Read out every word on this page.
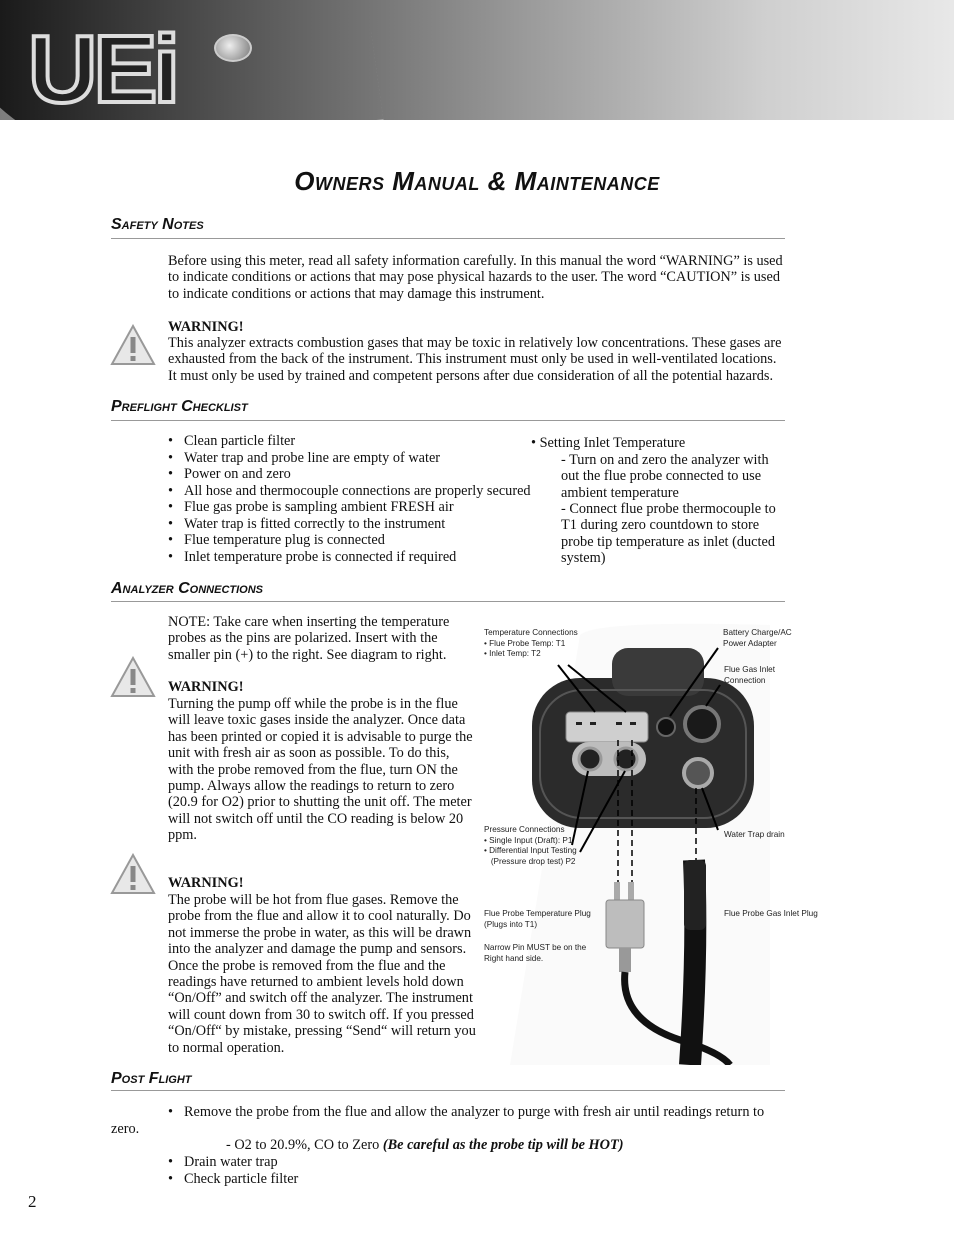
UEi
Owners Manual & Maintenance
Safety Notes
Before using this meter, read all safety information carefully. In this manual the word “WARNING” is used to indicate conditions or actions that may pose physical hazards to the user. The word “CAUTION” is used to indicate conditions or actions that may damage this instrument.
WARNING!
This analyzer extracts combustion gases that may be toxic in relatively low concentrations. These gases are exhausted from the back of the instrument. This instrument must only be used in well-ventilated locations. It must only be used by trained and competent persons after due consideration of all the potential hazards.
Preflight Checklist
• Clean particle filter
• Water trap and probe line are empty of water
• Power on and zero
• All hose and thermocouple connections are properly secured
• Flue gas probe is sampling ambient FRESH air
• Water trap is fitted correctly to the instrument
• Flue temperature plug is connected
• Inlet temperature probe is connected if required
• Setting Inlet Temperature
- Turn on and zero the analyzer with out the flue probe connected to use ambient temperature
- Connect flue probe thermocouple to T1 during zero countdown to store probe tip temperature as inlet (ducted system)
Analyzer Connections
NOTE: Take care when inserting the temperature probes as the pins are polarized. Insert with the smaller pin (+) to the right. See diagram to right.
WARNING!
Turning the pump off while the probe is in the flue will leave toxic gases inside the analyzer. Once data has been printed or copied it is advisable to purge the unit with fresh air as soon as possible. To do this, with the probe removed from the flue, turn ON the pump. Always allow the readings to return to zero (20.9 for O2) prior to shutting the unit off. The meter will not switch off until the CO reading is below 20 ppm.
WARNING!
The probe will be hot from flue gases. Remove the probe from the flue and allow it to cool naturally. Do not immerse the probe in water, as this will be drawn into the analyzer and damage the pump and sensors. Once the probe is removed from the flue and the readings have returned to ambient levels hold down “On/Off” and switch off the analyzer. The instrument will count down from 30 to switch off. If you pressed “On/Off“ by mistake, pressing “Send“ will return you to normal operation.
Temperature Connections
• Flue Probe Temp: T1
• Inlet Temp: T2
Battery Charge/AC
Power Adapter
Flue Gas Inlet
Connection
Pressure Connections
• Single Input (Draft): P1
• Differential Input Testing
(Pressure drop test) P2
Water Trap drain
Flue Probe Temperature Plug
(Plugs into T1)
Narrow Pin MUST be on the
Right hand side.
Flue Probe Gas Inlet Plug
Post Flight
• Remove the probe from the flue and allow the analyzer to purge with fresh air until readings return to
zero.
- O2 to 20.9%, CO to Zero (Be careful as the probe tip will be HOT)
• Drain water trap
• Check particle filter
2
